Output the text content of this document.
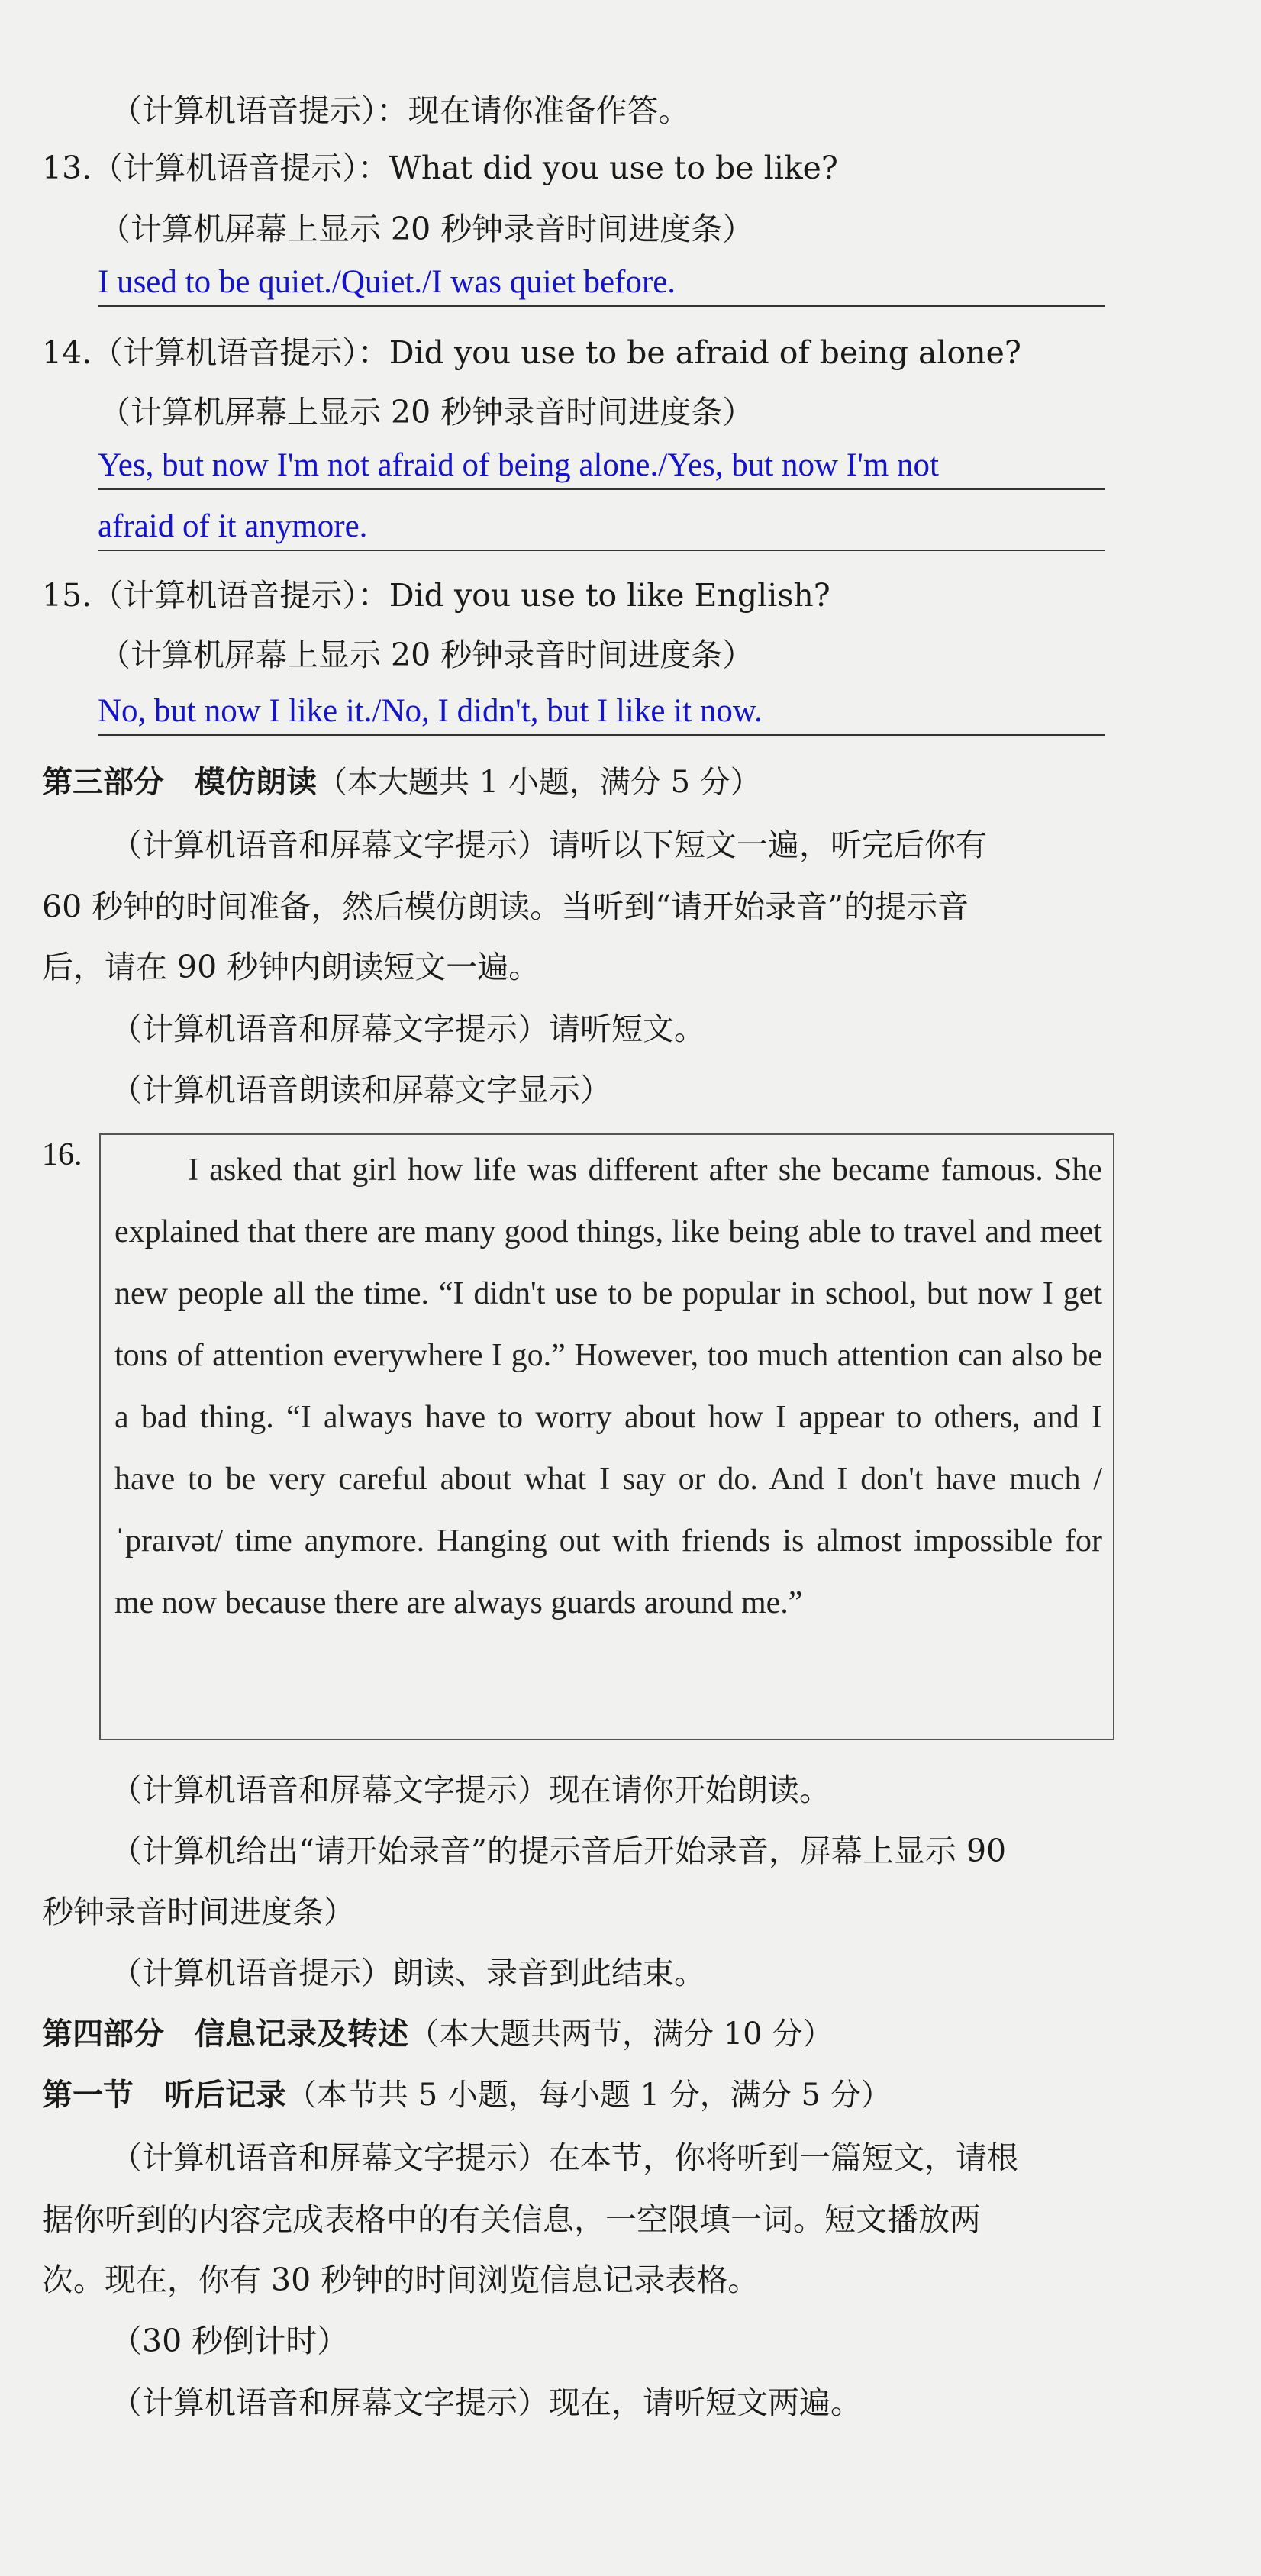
（计算机语音提示）：现在请你准备作答。
13.（计算机语音提示）：What did you use to be like?
（计算机屏幕上显示 20 秒钟录音时间进度条）
I used to be quiet./Quiet./I was quiet before.
14.（计算机语音提示）：Did you use to be afraid of being alone?
（计算机屏幕上显示 20 秒钟录音时间进度条）
Yes, but now I'm not afraid of being alone./Yes, but now I'm not
afraid of it anymore.
15.（计算机语音提示）：Did you use to like English?
（计算机屏幕上显示 20 秒钟录音时间进度条）
No, but now I like it./No, I didn't, but I like it now.
第三部分 模仿朗读（本大题共 1 小题，满分 5 分）
（计算机语音和屏幕文字提示）请听以下短文一遍，听完后你有
60 秒钟的时间准备，然后模仿朗读。当听到“请开始录音”的提示音
后，请在 90 秒钟内朗读短文一遍。
（计算机语音和屏幕文字提示）请听短文。
（计算机语音朗读和屏幕文字显示）
16.	I asked that girl how life was different after she became famous. She explained that there are many good things, like being able to travel and meet new people all the time. “I didn't use to be popular in school, but now I get tons of attention everywhere I go.” However, too much attention can also be a bad thing. “I always have to worry about how I appear to others, and I have to be very careful about what I say or do. And I don't have much /ˈpraɪvət/ time anymore. Hanging out with friends is almost impossible for me now because there are always guards around me.”

（计算机语音和屏幕文字提示）现在请你开始朗读。
（计算机给出“请开始录音”的提示音后开始录音，屏幕上显示 90
秒钟录音时间进度条）
（计算机语音提示）朗读、录音到此结束。
第四部分 信息记录及转述（本大题共两节，满分 10 分）
第一节 听后记录（本节共 5 小题，每小题 1 分，满分 5 分）
（计算机语音和屏幕文字提示）在本节，你将听到一篇短文，请根
据你听到的内容完成表格中的有关信息，一空限填一词。短文播放两
次。现在，你有 30 秒钟的时间浏览信息记录表格。
（30 秒倒计时）
（计算机语音和屏幕文字提示）现在，请听短文两遍。
